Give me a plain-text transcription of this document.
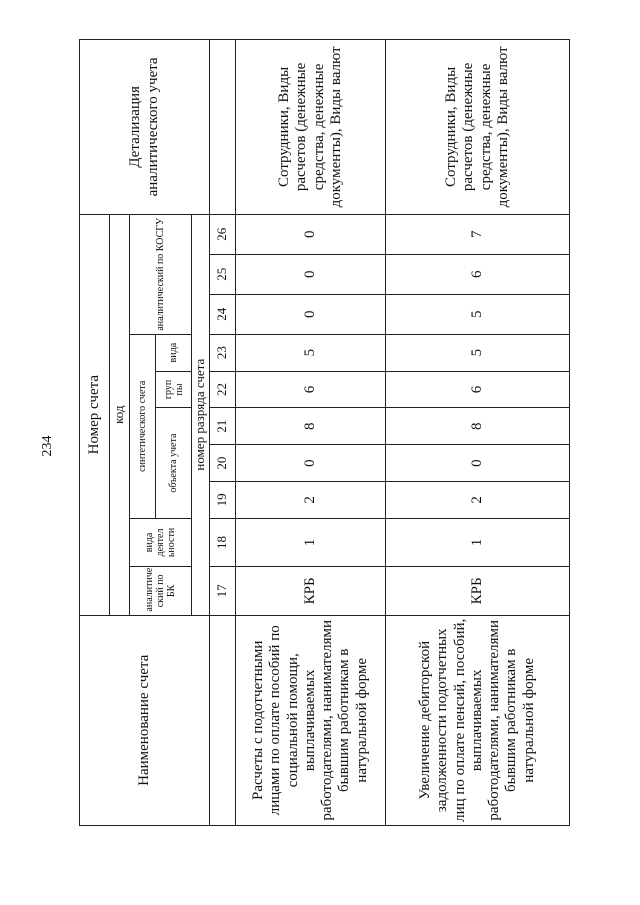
234
Наименование счета	Номер счета										Детализация аналитического учета
	код										
	аналитиче ский по БК	вида деятел ьности	синтетического счета					аналитический по КОСГУ			
			объекта учета			груп пы	вида				
	номер разряда счета										
	17	18	19	20	21	22	23	24	25	26	
Расчеты с подотчетными лицами по оплате пособий по социальной помощи, выплачиваемых работодателями, нанимателями бывшим работникам в натуральной форме	КРБ	1	2	0	8	6	5	0	0	0	Сотрудники, Виды расчетов (денежные средства, денежные документы), Виды валют
Увеличение дебиторской задолженности подотчетных лиц по оплате пенсий, пособий, выплачиваемых работодателями, нанимателями бывшим работникам в натуральной форме	КРБ	1	2	0	8	6	5	5	6	7	Сотрудники, Виды расчетов (денежные средства, денежные документы), Виды валют
